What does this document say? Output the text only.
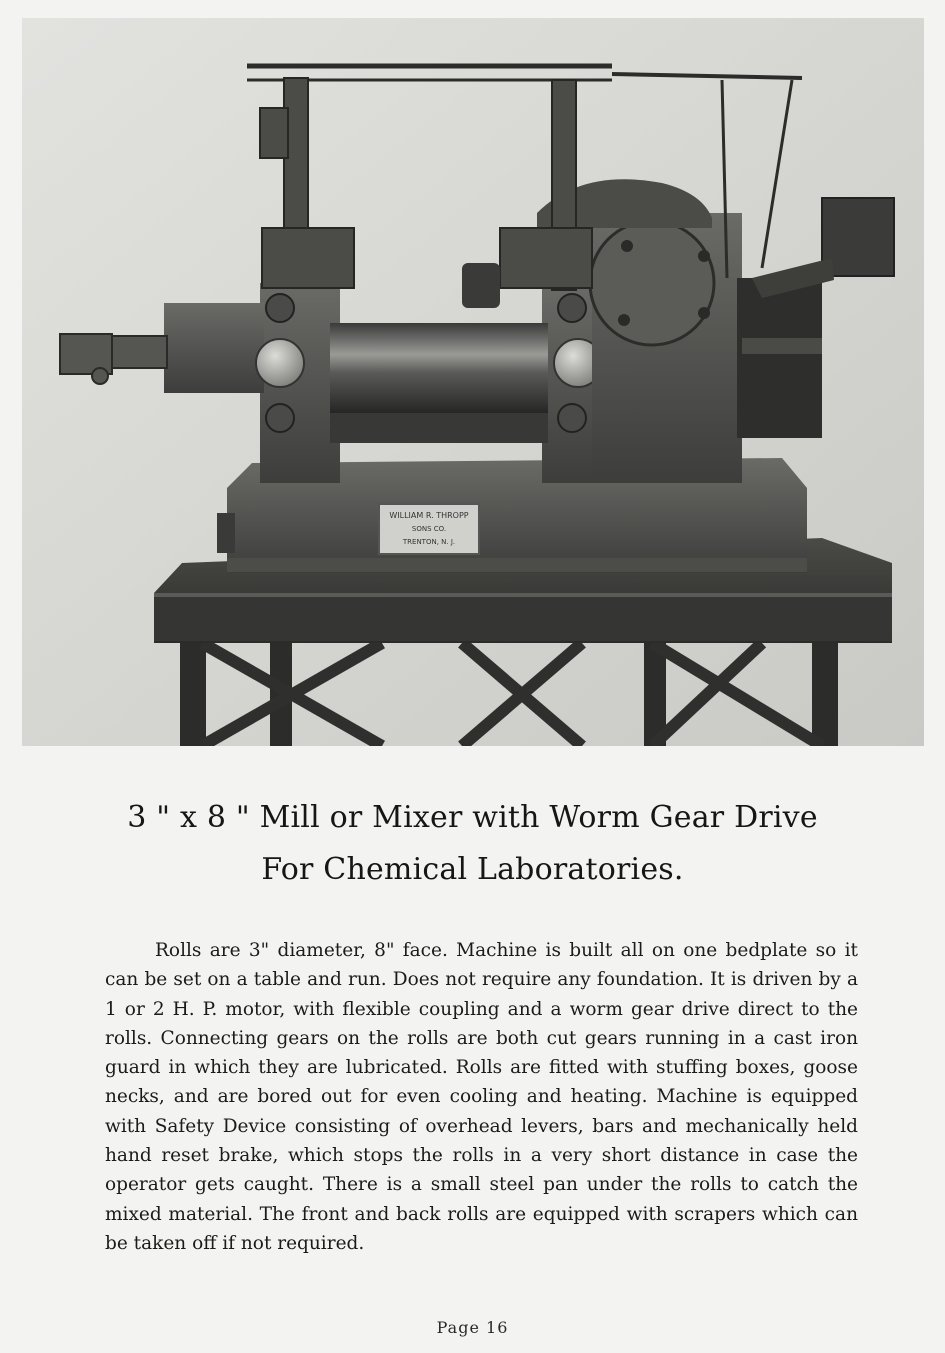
WILLIAM R. THROPP
SONS CO.
TRENTON, N. J.
3 " x 8 " Mill or Mixer with Worm Gear Drive
For Chemical Laboratories.

Rolls are 3" diameter, 8" face. Machine is built all on one bedplate so it can be set on a table and run. Does not require any foundation. It is driven by a 1 or 2 H. P. motor, with flexible coupling and a worm gear drive direct to the rolls. Connecting gears on the rolls are both cut gears running in a cast iron guard in which they are lubricated. Rolls are fitted with stuffing boxes, goose necks, and are bored out for even cooling and heating. Machine is equipped with Safety Device consisting of overhead levers, bars and mechanically held hand reset brake, which stops the rolls in a very short distance in case the operator gets caught. There is a small steel pan under the rolls to catch the mixed material. The front and back rolls are equipped with scrapers which can be taken off if not required.

Page 16
